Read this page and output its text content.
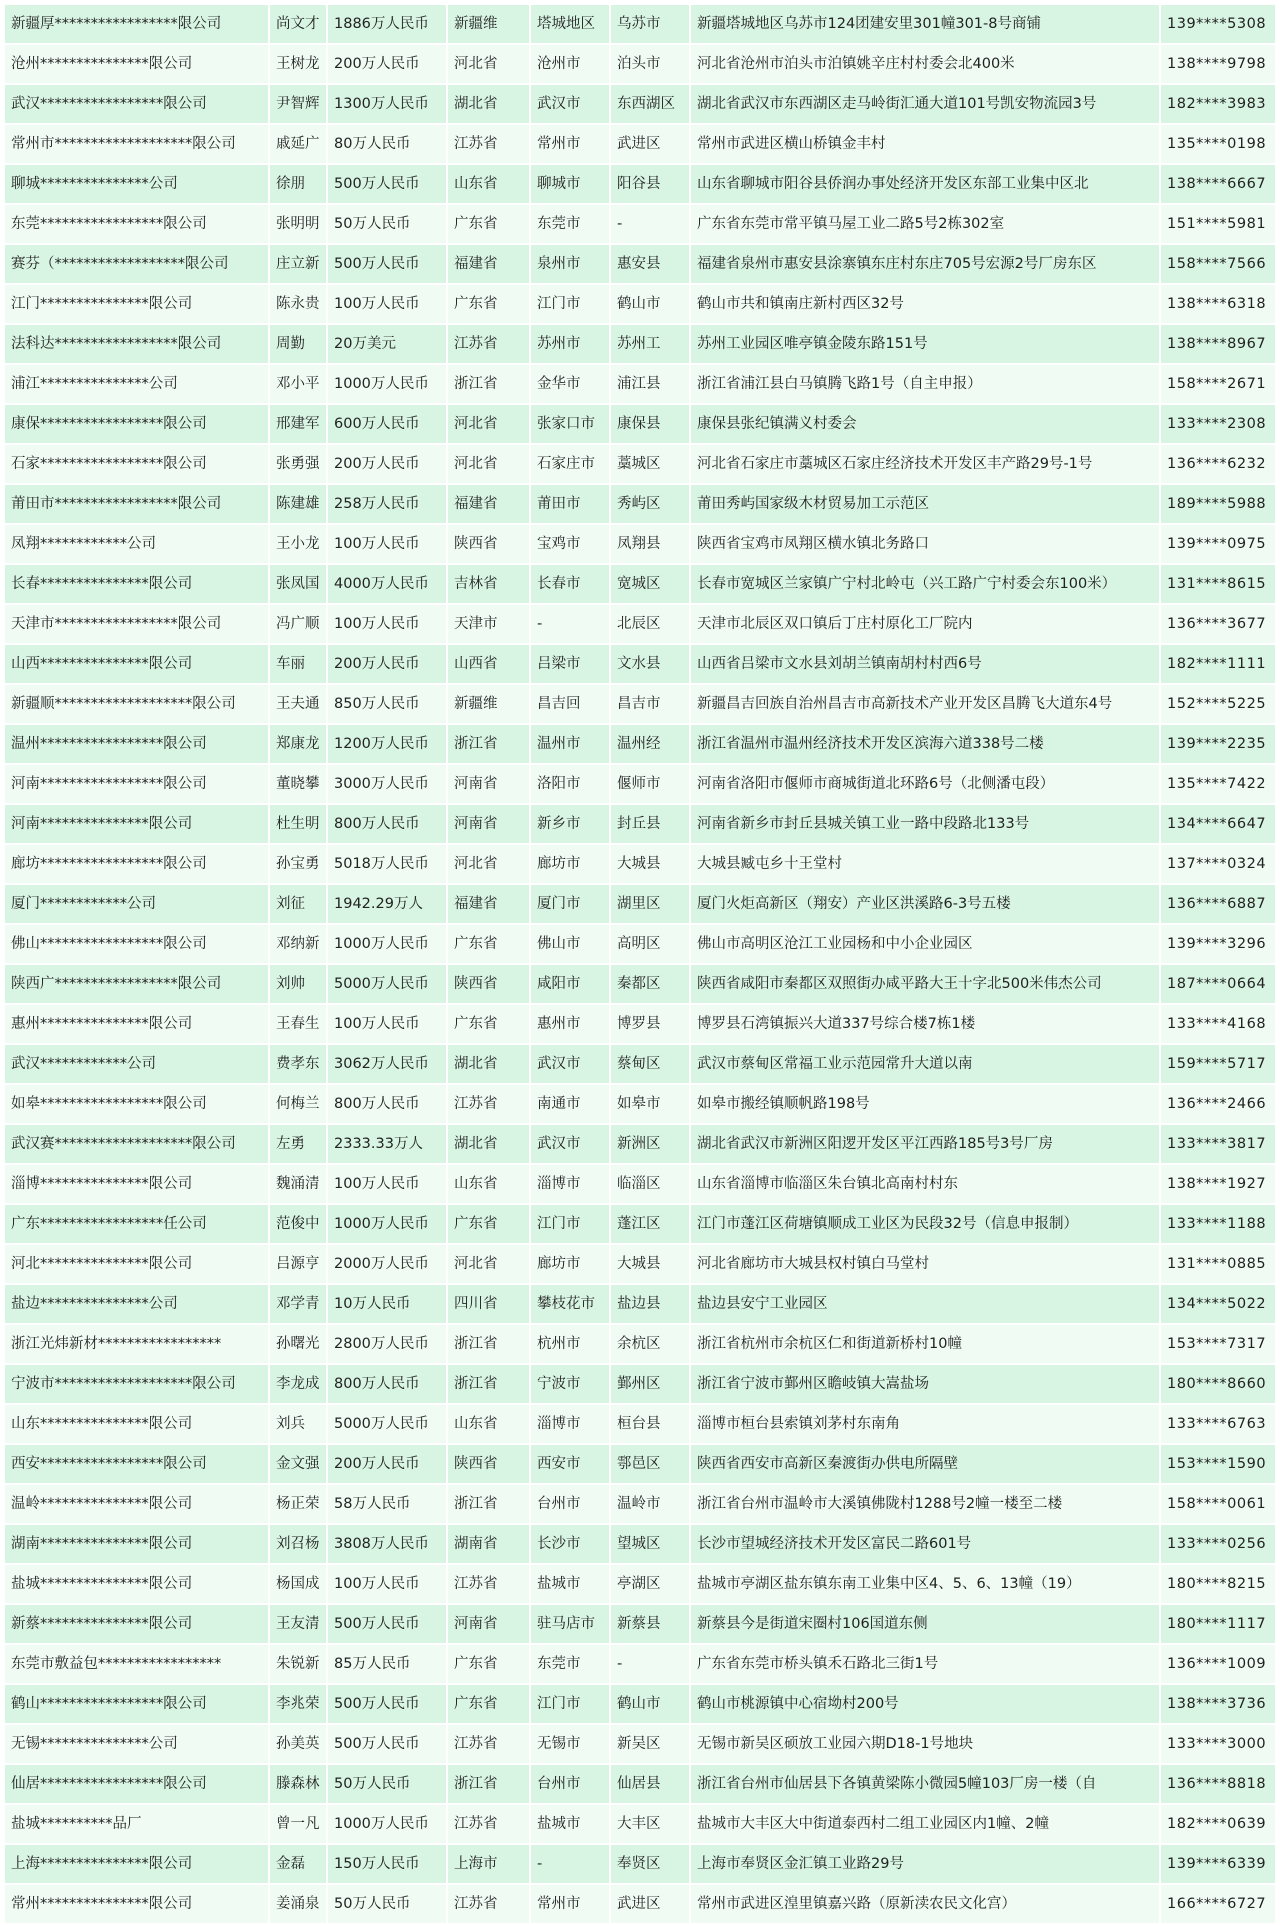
新疆厚*****************限公司	尚文才	1886万人民币	新疆维	塔城地区	乌苏市	新疆塔城地区乌苏市124团建安里301幢301-8号商铺	139****5308
沧州***************限公司	王树龙	200万人民币	河北省	沧州市	泊头市	河北省沧州市泊头市泊镇姚辛庄村村委会北400米	138****9798
武汉*****************限公司	尹智辉	1300万人民币	湖北省	武汉市	东西湖区	湖北省武汉市东西湖区走马岭街汇通大道101号凯安物流园3号	182****3983
常州市*******************限公司	戚延广	80万人民币	江苏省	常州市	武进区	常州市武进区横山桥镇金丰村	135****0198
聊城***************公司	徐朋	500万人民币	山东省	聊城市	阳谷县	山东省聊城市阳谷县侨润办事处经济开发区东部工业集中区北	138****6667
东莞*****************限公司	张明明	50万人民币	广东省	东莞市	-	广东省东莞市常平镇马屋工业二路5号2栋302室	151****5981
赛芬（******************限公司	庄立新	500万人民币	福建省	泉州市	惠安县	福建省泉州市惠安县涂寨镇东庄村东庄705号宏源2号厂房东区	158****7566
江门***************限公司	陈永贵	100万人民币	广东省	江门市	鹤山市	鹤山市共和镇南庄新村西区32号	138****6318
法科达*****************限公司	周勤	20万美元	江苏省	苏州市	苏州工	苏州工业园区唯亭镇金陵东路151号	138****8967
浦江***************公司	邓小平	1000万人民币	浙江省	金华市	浦江县	浙江省浦江县白马镇腾飞路1号（自主申报）	158****2671
康保*****************限公司	邢建军	600万人民币	河北省	张家口市	康保县	康保县张纪镇满义村委会	133****2308
石家*****************限公司	张勇强	200万人民币	河北省	石家庄市	藁城区	河北省石家庄市藁城区石家庄经济技术开发区丰产路29号-1号	136****6232
莆田市*****************限公司	陈建雄	258万人民币	福建省	莆田市	秀屿区	莆田秀屿国家级木材贸易加工示范区	189****5988
凤翔************公司	王小龙	100万人民币	陕西省	宝鸡市	凤翔县	陕西省宝鸡市凤翔区横水镇北务路口	139****0975
长春***************限公司	张凤国	4000万人民币	吉林省	长春市	宽城区	长春市宽城区兰家镇广宁村北岭屯（兴工路广宁村委会东100米）	131****8615
天津市*****************限公司	冯广顺	100万人民币	天津市	-	北辰区	天津市北辰区双口镇后丁庄村原化工厂院内	136****3677
山西***************限公司	车丽	200万人民币	山西省	吕梁市	文水县	山西省吕梁市文水县刘胡兰镇南胡村村西6号	182****1111
新疆顺*******************限公司	王夫通	850万人民币	新疆维	昌吉回	昌吉市	新疆昌吉回族自治州昌吉市高新技术产业开发区昌腾飞大道东4号	152****5225
温州*****************限公司	郑康龙	1200万人民币	浙江省	温州市	温州经	浙江省温州市温州经济技术开发区滨海六道338号二楼	139****2235
河南*****************限公司	董晓攀	3000万人民币	河南省	洛阳市	偃师市	河南省洛阳市偃师市商城街道北环路6号（北侧潘屯段）	135****7422
河南***************限公司	杜生明	800万人民币	河南省	新乡市	封丘县	河南省新乡市封丘县城关镇工业一路中段路北133号	134****6647
廊坊*****************限公司	孙宝勇	5018万人民币	河北省	廊坊市	大城县	大城县臧屯乡十王堂村	137****0324
厦门************公司	刘征	1942.29万人	福建省	厦门市	湖里区	厦门火炬高新区（翔安）产业区洪溪路6-3号五楼	136****6887
佛山*****************限公司	邓纳新	1000万人民币	广东省	佛山市	高明区	佛山市高明区沧江工业园杨和中小企业园区	139****3296
陕西广*****************限公司	刘帅	5000万人民币	陕西省	咸阳市	秦都区	陕西省咸阳市秦都区双照街办咸平路大王十字北500米伟杰公司	187****0664
惠州***************限公司	王春生	100万人民币	广东省	惠州市	博罗县	博罗县石湾镇振兴大道337号综合楼7栋1楼	133****4168
武汉************公司	费孝东	3062万人民币	湖北省	武汉市	蔡甸区	武汉市蔡甸区常福工业示范园常升大道以南	159****5717
如皋*****************限公司	何梅兰	800万人民币	江苏省	南通市	如皋市	如皋市搬经镇顺帆路198号	136****2466
武汉赛*******************限公司	左勇	2333.33万人	湖北省	武汉市	新洲区	湖北省武汉市新洲区阳逻开发区平江西路185号3号厂房	133****3817
淄博***************限公司	魏涌清	100万人民币	山东省	淄博市	临淄区	山东省淄博市临淄区朱台镇北高南村村东	138****1927
广东*****************任公司	范俊中	1000万人民币	广东省	江门市	蓬江区	江门市蓬江区荷塘镇顺成工业区为民段32号（信息申报制）	133****1188
河北***************限公司	吕源亨	2000万人民币	河北省	廊坊市	大城县	河北省廊坊市大城县权村镇白马堂村	131****0885
盐边***************公司	邓学青	10万人民币	四川省	攀枝花市	盐边县	盐边县安宁工业园区	134****5022
浙江光炜新材*****************	孙曙光	2800万人民币	浙江省	杭州市	余杭区	浙江省杭州市余杭区仁和街道新桥村10幢	153****7317
宁波市*******************限公司	李龙成	800万人民币	浙江省	宁波市	鄞州区	浙江省宁波市鄞州区瞻岐镇大嵩盐场	180****8660
山东***************限公司	刘兵	5000万人民币	山东省	淄博市	桓台县	淄博市桓台县索镇刘茅村东南角	133****6763
西安*****************限公司	金文强	200万人民币	陕西省	西安市	鄠邑区	陕西省西安市高新区秦渡街办供电所隔壁	153****1590
温岭***************限公司	杨正荣	58万人民币	浙江省	台州市	温岭市	浙江省台州市温岭市大溪镇佛陇村1288号2幢一楼至二楼	158****0061
湖南***************限公司	刘召杨	3808万人民币	湖南省	长沙市	望城区	长沙市望城经济技术开发区富民二路601号	133****0256
盐城***************限公司	杨国成	100万人民币	江苏省	盐城市	亭湖区	盐城市亭湖区盐东镇东南工业集中区4、5、6、13幢（19）	180****8215
新蔡***************限公司	王友清	500万人民币	河南省	驻马店市	新蔡县	新蔡县今是街道宋圈村106国道东侧	180****1117
东莞市敷益包*****************	朱锐新	85万人民币	广东省	东莞市	-	广东省东莞市桥头镇禾石路北三街1号	136****1009
鹤山*****************限公司	李兆荣	500万人民币	广东省	江门市	鹤山市	鹤山市桃源镇中心宿坳村200号	138****3736
无锡***************公司	孙美英	500万人民币	江苏省	无锡市	新吴区	无锡市新吴区硕放工业园六期D18-1号地块	133****3000
仙居*****************限公司	滕森林	50万人民币	浙江省	台州市	仙居县	浙江省台州市仙居县下各镇黄梁陈小微园5幢103厂房一楼（自	136****8818
盐城**********品厂	曾一凡	1000万人民币	江苏省	盐城市	大丰区	盐城市大丰区大中街道泰西村二组工业园区内1幢、2幢	182****0639
上海***************限公司	金磊	150万人民币	上海市	-	奉贤区	上海市奉贤区金汇镇工业路29号	139****6339
常州***************限公司	姜涌泉	50万人民币	江苏省	常州市	武进区	常州市武进区湟里镇嘉兴路（原新渎农民文化宫）	166****6727
